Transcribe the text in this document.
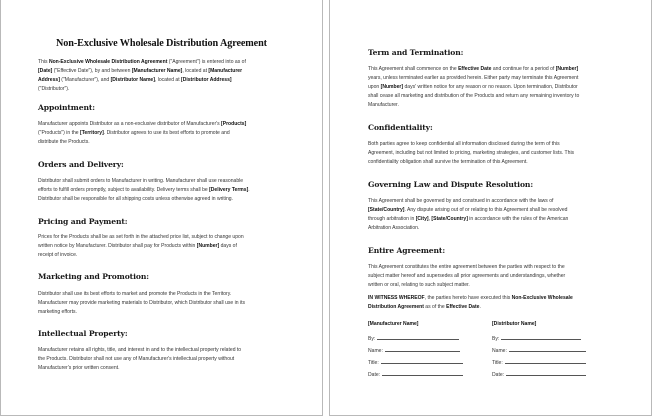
Non-Exclusive Wholesale Distribution Agreement
This Non-Exclusive Wholesale Distribution Agreement ("Agreement") is entered into as of
[Date] ("Effective Date"), by and between [Manufacturer Name], located at [Manufacturer
Address] ("Manufacturer"), and [Distributor Name], located at [Distributor Address]
("Distributor").
Appointment:
Manufacturer appoints Distributor as a non-exclusive distributor of Manufacturer's [Products]
("Products") in the [Territory]. Distributor agrees to use its best efforts to promote and
distribute the Products.
Orders and Delivery:
Distributor shall submit orders to Manufacturer in writing. Manufacturer shall use reasonable
efforts to fulfill orders promptly, subject to availability. Delivery terms shall be [Delivery Terms].
Distributor shall be responsible for all shipping costs unless otherwise agreed in writing.
Pricing and Payment:
Prices for the Products shall be as set forth in the attached price list, subject to change upon
written notice by Manufacturer. Distributor shall pay for Products within [Number] days of
receipt of invoice.
Marketing and Promotion:
Distributor shall use its best efforts to market and promote the Products in the Territory.
Manufacturer may provide marketing materials to Distributor, which Distributor shall use in its
marketing efforts.
Intellectual Property:
Manufacturer retains all rights, title, and interest in and to the intellectual property related to
the Products. Distributor shall not use any of Manufacturer's intellectual property without
Manufacturer's prior written consent.
Term and Termination:
This Agreement shall commence on the Effective Date and continue for a period of [Number]
years, unless terminated earlier as provided herein. Either party may terminate this Agreement
upon [Number] days' written notice for any reason or no reason. Upon termination, Distributor
shall cease all marketing and distribution of the Products and return any remaining inventory to
Manufacturer.
Confidentiality:
Both parties agree to keep confidential all information disclosed during the term of this
Agreement, including but not limited to pricing, marketing strategies, and customer lists. This
confidentiality obligation shall survive the termination of this Agreement.
Governing Law and Dispute Resolution:
This Agreement shall be governed by and construed in accordance with the laws of
[State/Country]. Any dispute arising out of or relating to this Agreement shall be resolved
through arbitration in [City], [State/Country] in accordance with the rules of the American
Arbitration Association.
Entire Agreement:
This Agreement constitutes the entire agreement between the parties with respect to the
subject matter hereof and supersedes all prior agreements and understandings, whether
written or oral, relating to such subject matter.
IN WITNESS WHEREOF, the parties hereto have executed this Non-Exclusive Wholesale
Distribution Agreement as of the Effective Date.
[Manufacturer Name]
By:
Name:
Title:
Date:
[Distributor Name]
By:
Name:
Title:
Date:
